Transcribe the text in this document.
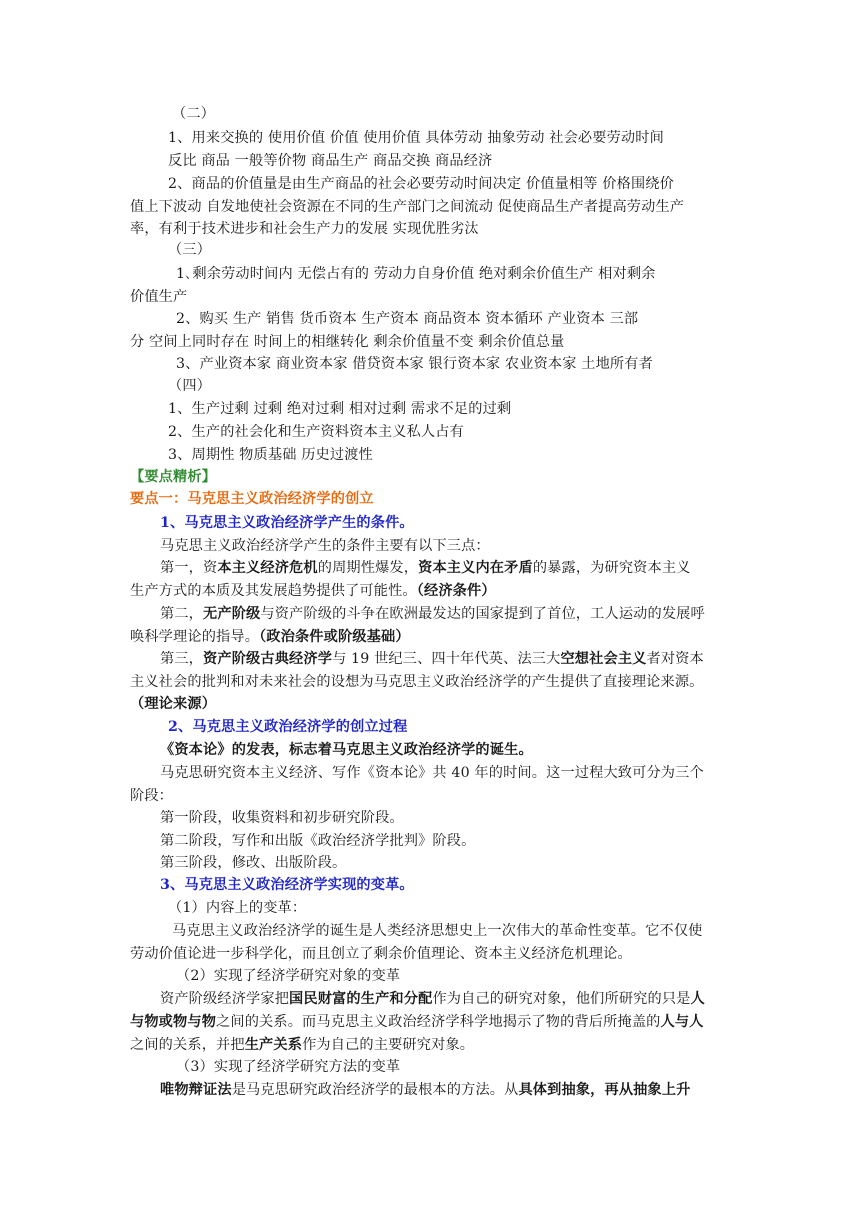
（二）
1、用来交换的 使用价值 价值 使用价值 具体劳动 抽象劳动 社会必要劳动时间
反比 商品 一般等价物 商品生产 商品交换 商品经济
2、商品的价值量是由生产商品的社会必要劳动时间决定 价值量相等 价格围绕价
值上下波动 自发地使社会资源在不同的生产部门之间流动 促使商品生产者提高劳动生产
率，有利于技术进步和社会生产力的发展 实现优胜劣汰
（三）
1､剩余劳动时间内 无偿占有的 劳动力自身价值 绝对剩余价值生产 相对剩余
价值生产
2、购买 生产 销售 货币资本 生产资本 商品资本 资本循环 产业资本 三部
分 空间上同时存在 时间上的相继转化 剩余价值量不变 剩余价值总量
3、产业资本家 商业资本家 借贷资本家 银行资本家 农业资本家 土地所有者
（四）
1、生产过剩 过剩 绝对过剩 相对过剩 需求不足的过剩
2、生产的社会化和生产资料资本主义私人占有
3、周期性 物质基础 历史过渡性
【要点精析】
要点一：马克思主义政治经济学的创立
1、马克思主义政治经济学产生的条件。
马克思主义政治经济学产生的条件主要有以下三点：
第一，资本主义经济危机的周期性爆发，资本主义内在矛盾的暴露，为研究资本主义
生产方式的本质及其发展趋势提供了可能性。（经济条件）
第二，无产阶级与资产阶级的斗争在欧洲最发达的国家提到了首位，工人运动的发展呼
唤科学理论的指导。（政治条件或阶级基础）
第三，资产阶级古典经济学与 19 世纪三、四十年代英、法三大空想社会主义者对资本
主义社会的批判和对未来社会的设想为马克思主义政治经济学的产生提供了直接理论来源。
（理论来源）
2、马克思主义政治经济学的创立过程
《资本论》的发表，标志着马克思主义政治经济学的诞生。
马克思研究资本主义经济、写作《资本论》共 40 年的时间。这一过程大致可分为三个
阶段：
第一阶段，收集资料和初步研究阶段。
第二阶段，写作和出版《政治经济学批判》阶段。
第三阶段，修改、出版阶段。
3、马克思主义政治经济学实现的变革。
（1）内容上的变革：
马克思主义政治经济学的诞生是人类经济思想史上一次伟大的革命性变革。它不仅使
劳动价值论进一步科学化，而且创立了剩余价值理论、资本主义经济危机理论。
（2）实现了经济学研究对象的变革
资产阶级经济学家把国民财富的生产和分配作为自己的研究对象，他们所研究的只是人
与物或物与物之间的关系。而马克思主义政治经济学科学地揭示了物的背后所掩盖的人与人
之间的关系，并把生产关系作为自己的主要研究对象。
（3）实现了经济学研究方法的变革
唯物辩证法是马克思研究政治经济学的最根本的方法。从具体到抽象，再从抽象上升
